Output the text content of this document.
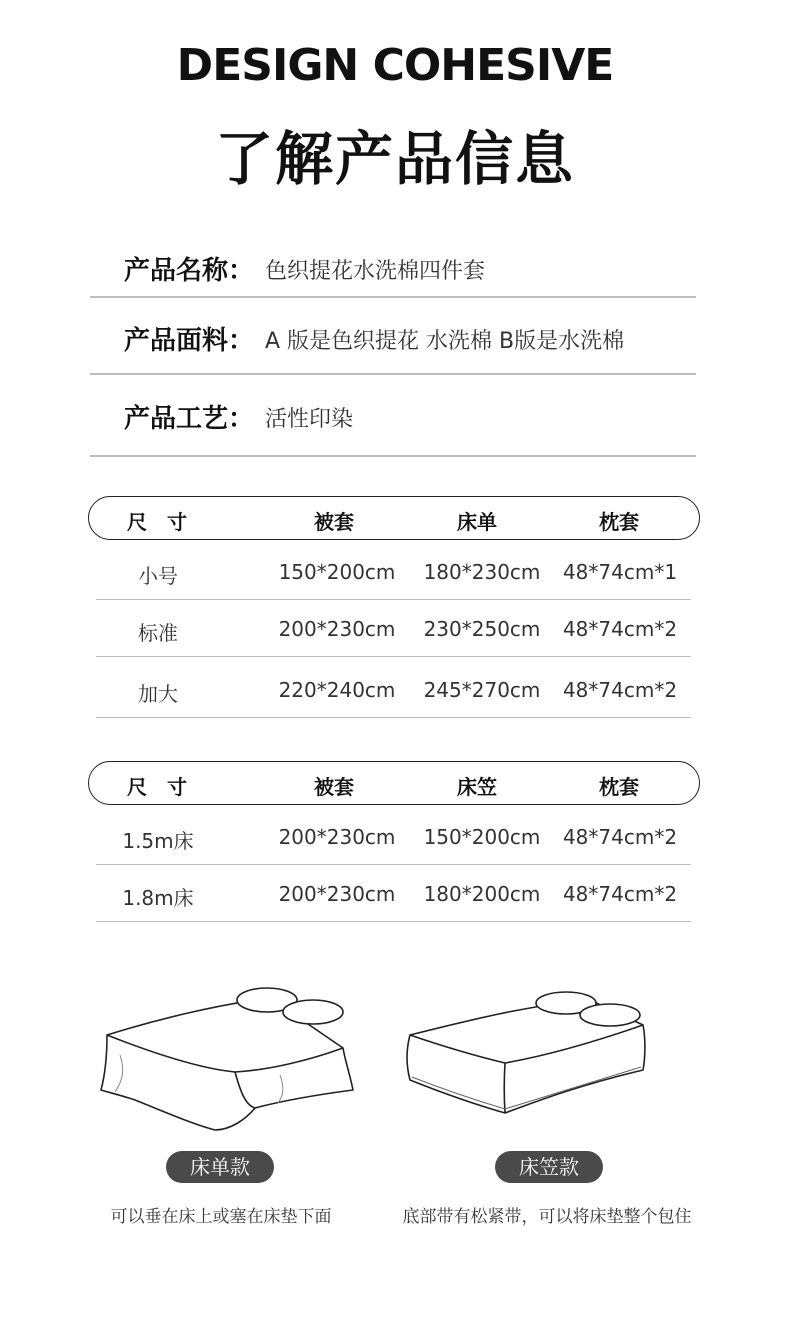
DESIGN COHESIVE
了解产品信息
产品名称： 色织提花水洗棉四件套
产品面料： A 版是色织提花 水洗棉 B版是水洗棉
产品工艺： 活性印染
尺　寸	被套	床单	枕套
小号	150*200cm 180*230cm 48*74cm*1
标准	200*230cm 230*250cm 48*74cm*2
加大	220*240cm 245*270cm 48*74cm*2
尺　寸	被套	床笠	枕套
1.5m床	200*230cm 150*200cm 48*74cm*2
1.8m床	200*230cm 180*200cm 48*74cm*2
床单款	床笠款
可以垂在床上或塞在床垫下面	底部带有松紧带，可以将床垫整个包住
